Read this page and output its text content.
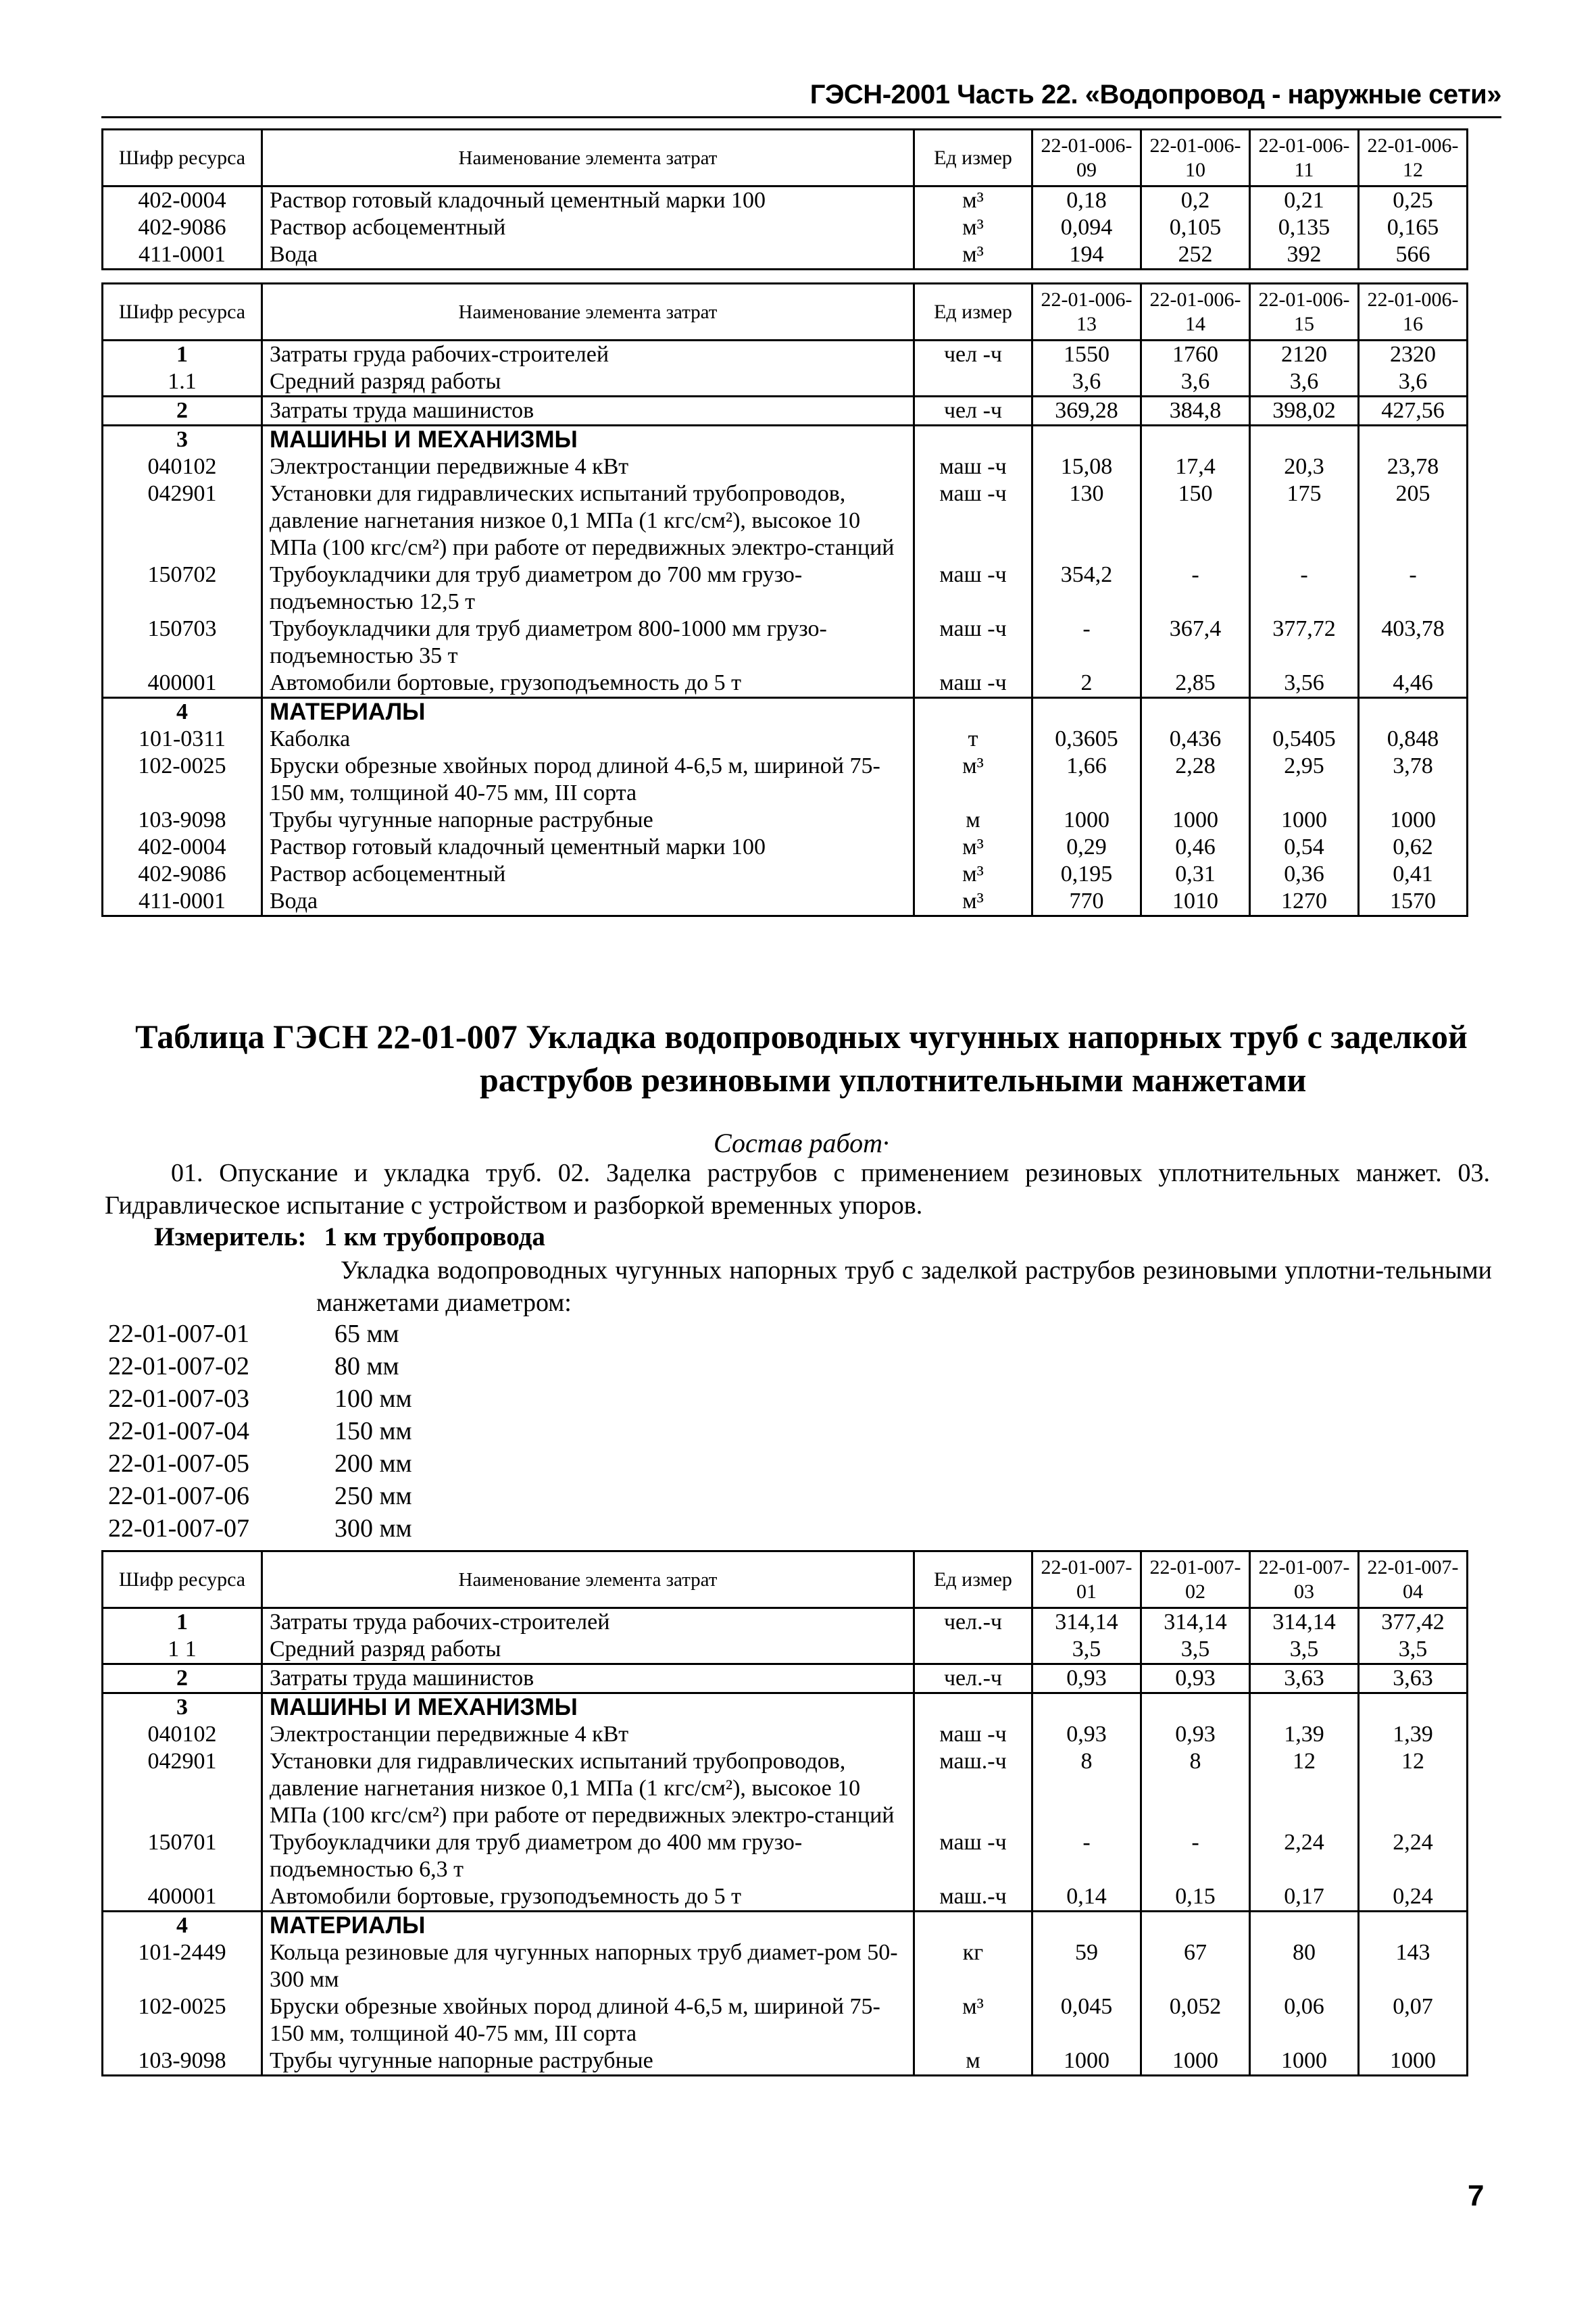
ГЭСН-2001 Часть 22. «Водопровод - наружные сети»
Шифр ресурса	Наименование элемента затрат	Ед измер	22-01-006-09	22-01-006-10	22-01-006-11	22-01-006-12
402-0004	Раствор готовый кладочный цементный марки 100	м³	0,18	0,2	0,21	0,25
402-9086	Раствор асбоцементный	м³	0,094	0,105	0,135	0,165
411-0001	Вода	м³	194	252	392	566
Шифр ресурса	Наименование элемента затрат	Ед измер	22-01-006-13	22-01-006-14	22-01-006-15	22-01-006-16
1	Затраты груда рабочих-строителей	чел -ч	1550	1760	2120	2320
1.1	Средний разряд работы		3,6	3,6	3,6	3,6
2	Затраты труда машинистов	чел -ч	369,28	384,8	398,02	427,56
3	МАШИНЫ И МЕХАНИЗМЫ					
040102	Электростанции передвижные 4 кВт	маш -ч	15,08	17,4	20,3	23,78
042901	Установки для гидравлических испытаний трубопроводов, давление нагнетания низкое 0,1 МПа (1 кгс/см²), высокое 10 МПа (100 кгс/см²) при работе от передвижных электро-станций	маш -ч	130	150	175	205
150702	Трубоукладчики для труб диаметром до 700 мм грузо-подъемностью 12,5 т	маш -ч	354,2	-	-	-
150703	Трубоукладчики для труб диаметром 800-1000 мм грузо-подъемностью 35 т	маш -ч	-	367,4	377,72	403,78
400001	Автомобили бортовые, грузоподъемность до 5 т	маш -ч	2	2,85	3,56	4,46
4	МАТЕРИАЛЫ					
101-0311	Каболка	т	0,3605	0,436	0,5405	0,848
102-0025	Бруски обрезные хвойных пород длиной 4-6,5 м, шириной 75-150 мм, толщиной 40-75 мм, III сорта	м³	1,66	2,28	2,95	3,78
103-9098	Трубы чугунные напорные раструбные	м	1000	1000	1000	1000
402-0004	Раствор готовый кладочный цементный марки 100	м³	0,29	0,46	0,54	0,62
402-9086	Раствор асбоцементный	м³	0,195	0,31	0,36	0,41
411-0001	Вода	м³	770	1010	1270	1570
Таблица ГЭСН 22-01-007 Укладка водопроводных чугунных напорных труб с заделкой
раструбов резиновыми уплотнительными манжетами
Состав работ·
01. Опускание и укладка труб. 02. Заделка раструбов с применением резиновых уплотнительных манжет. 03. Гидравлическое испытание с устройством и разборкой временных упоров.
Измеритель: 1 км трубопровода
Укладка водопроводных чугунных напорных труб с заделкой раструбов резиновыми уплотни-тельными манжетами диаметром:
22-01-007-01	65 мм
22-01-007-02	80 мм
22-01-007-03	100 мм
22-01-007-04	150 мм
22-01-007-05	200 мм
22-01-007-06	250 мм
22-01-007-07	300 мм
Шифр ресурса	Наименование элемента затрат	Ед измер	22-01-007-01	22-01-007-02	22-01-007-03	22-01-007-04
1	Затраты труда рабочих-строителей	чел.-ч	314,14	314,14	314,14	377,42
1 1	Средний разряд работы		3,5	3,5	3,5	3,5
2	Затраты труда машинистов	чел.-ч	0,93	0,93	3,63	3,63
3	МАШИНЫ И МЕХАНИЗМЫ					
040102	Электростанции передвижные 4 кВт	маш -ч	0,93	0,93	1,39	1,39
042901	Установки для гидравлических испытаний трубопроводов, давление нагнетания низкое 0,1 МПа (1 кгс/см²), высокое 10 МПа (100 кгс/см²) при работе от передвижных электро-станций	маш.-ч	8	8	12	12
150701	Трубоукладчики для труб диаметром до 400 мм грузо-подъемностью 6,3 т	маш -ч	-	-	2,24	2,24
400001	Автомобили бортовые, грузоподъемность до 5 т	маш.-ч	0,14	0,15	0,17	0,24
4	МАТЕРИАЛЫ					
101-2449	Кольца резиновые для чугунных напорных труб диамет-ром 50-300 мм	кг	59	67	80	143
102-0025	Бруски обрезные хвойных пород длиной 4-6,5 м, шириной 75-150 мм, толщиной 40-75 мм, III сорта	м³	0,045	0,052	0,06	0,07
103-9098	Трубы чугунные напорные раструбные	м	1000	1000	1000	1000
7
